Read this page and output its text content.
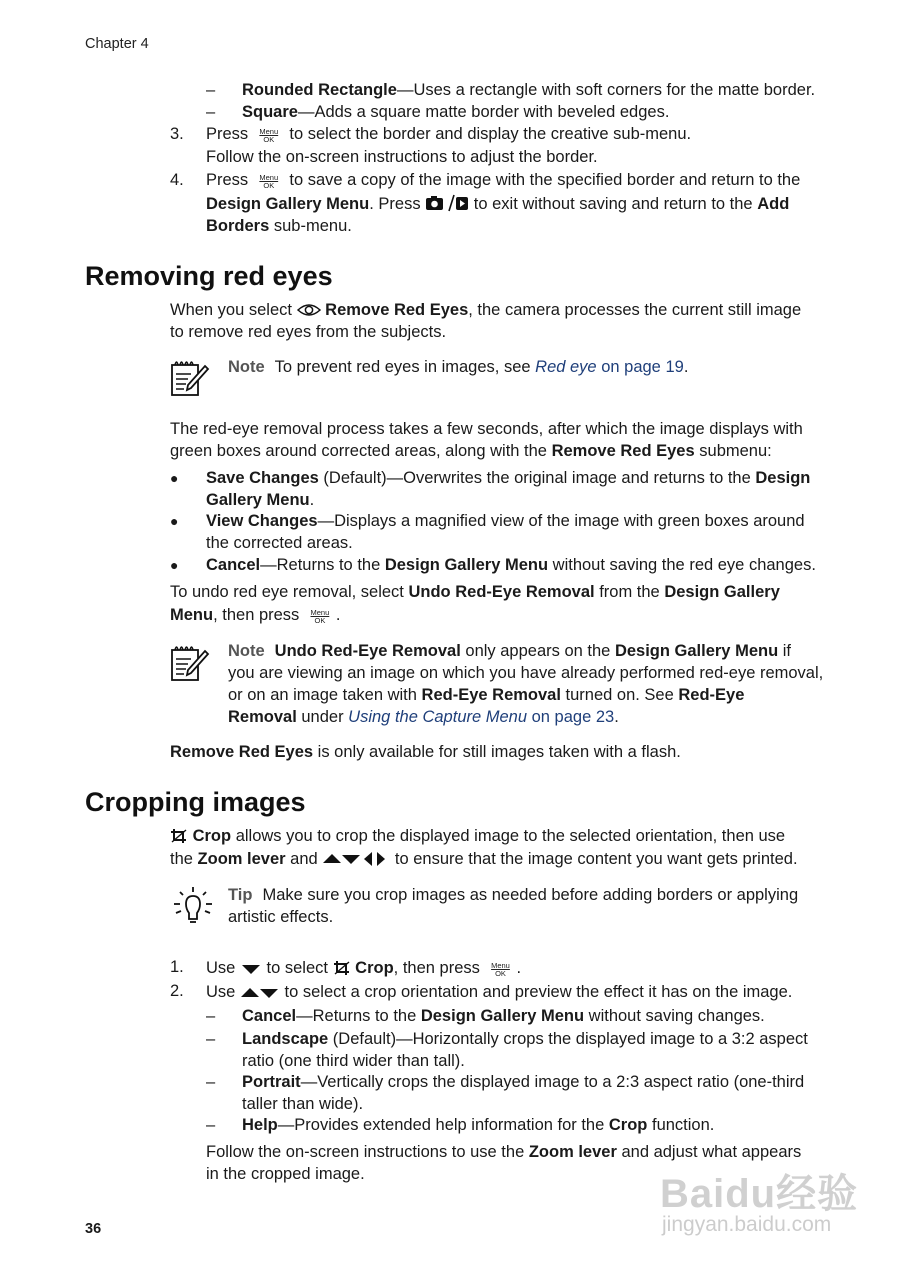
Chapter 4
– Rounded Rectangle—Uses a rectangle with soft corners for the matte border.
– Square—Adds a square matte border with beveled edges.
3. Press	Menu
OK to select the border and display the creative sub-menu.
Follow the on-screen instructions to adjust the border.
4. Press	Menu
OK to save a copy of the image with the specified border and return to the
Design Gallery Menu. Press	to exit without saving and return to the Add
Borders sub-menu.
Removing red eyes
When you select Remove Red Eyes, the camera processes the current still image
to remove red eyes from the subjects.
Note To prevent red eyes in images, see Red eye on page 19.
The red-eye removal process takes a few seconds, after which the image displays with
green boxes around corrected areas, along with the Remove Red Eyes submenu:
● Save Changes (Default)—Overwrites the original image and returns to the Design
Gallery Menu.
● View Changes—Displays a magnified view of the image with green boxes around
the corrected areas.
● Cancel—Returns to the Design Gallery Menu without saving the red eye changes.
To undo red eye removal, select Undo Red-Eye Removal from the Design Gallery
Menu, then press	Menu
OK .
Note Undo Red-Eye Removal only appears on the Design Gallery Menu if
you are viewing an image on which you have already performed red-eye removal,
or on an image taken with Red-Eye Removal turned on. See Red-Eye
Removal under Using the Capture Menu on page 23.
Remove Red Eyes is only available for still images taken with a flash.
Cropping images
Crop allows you to crop the displayed image to the selected orientation, then use
the Zoom lever and	to ensure that the image content you want gets printed.
Tip Make sure you crop images as needed before adding borders or applying
artistic effects.
1. Use to select Crop, then press	Menu
OK .
2. Use	to select a crop orientation and preview the effect it has on the image.
– Cancel—Returns to the Design Gallery Menu without saving changes.
– Landscape (Default)—Horizontally crops the displayed image to a 3:2 aspect
ratio (one third wider than tall).
– Portrait—Vertically crops the displayed image to a 2:3 aspect ratio (one-third
taller than wide).
– Help—Provides extended help information for the Crop function.
Follow the on-screen instructions to use the Zoom lever and adjust what appears
in the cropped image.
36
Baidu经验
jingyan.baidu.com
